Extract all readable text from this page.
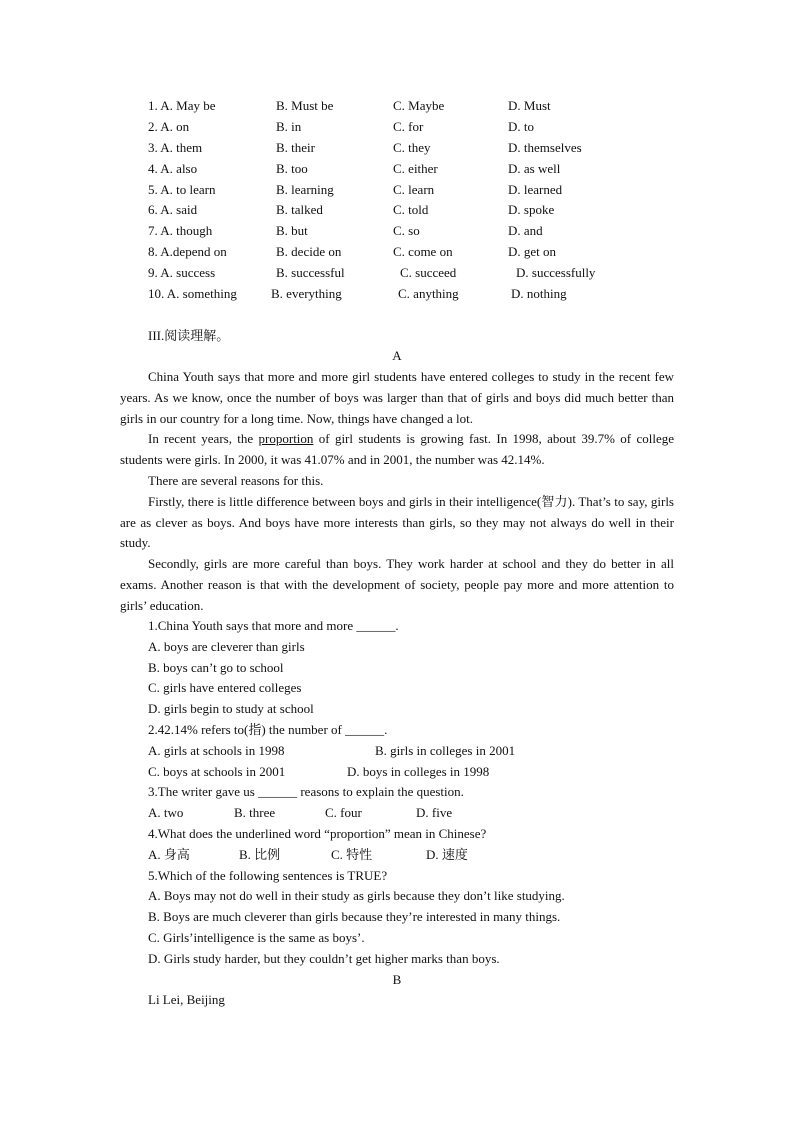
1. A. May be	B. Must be	C. Maybe	D. Must
2. A. on	B. in	C. for	D. to
3. A. them	B. their	C. they	D. themselves
4. A. also	B. too	C. either	D. as well
5. A. to learn	B. learning	C. learn	D. learned
6. A. said	B. talked	C. told	D. spoke
7. A. though	B. but	C. so	D. and
8. A.depend on	B. decide on	C. come on	D. get on
9. A. success	B. successful	C. succeed	D. successfully
10. A. something	B. everything	C. anything	D. nothing
III.阅读理解。
A

China Youth says that more and more girl students have entered colleges to study in the recent few years. As we know, once the number of boys was larger than that of girls and boys did much better than girls in our country for a long time. Now, things have changed a lot.

In recent years, the proportion of girl students is growing fast. In 1998, about 39.7% of college students were girls. In 2000, it was 41.07% and in 2001, the number was 42.14%.

There are several reasons for this.

Firstly, there is little difference between boys and girls in their intelligence(智力). That’s to say, girls are as clever as boys. And boys have more interests than girls, so they may not always do well in their study.

Secondly, girls are more careful than boys. They work harder at school and they do better in all exams. Another reason is that with the development of society, people pay more and more attention to girls’ education.

1.China Youth says that more and more ______.
A. boys are cleverer than girls
B. boys can’t go to school
C. girls have entered colleges
D. girls begin to study at school
2.42.14% refers to(指) the number of ______.
A. girls at schools in 1998	B. girls in colleges in 2001
C. boys at schools in 2001	D. boys in colleges in 1998
3.The writer gave us ______ reasons to explain the question.
A. two	B. three	C. four	D. five
4.What does the underlined word “proportion” mean in Chinese?
A. 身高	B. 比例	C. 特性	D. 速度
5.Which of the following sentences is TRUE?
A. Boys may not do well in their study as girls because they don’t like studying.
B. Boys are much cleverer than girls because they’re interested in many things.
C. Girls’intelligence is the same as boys’.
D. Girls study harder, but they couldn’t get higher marks than boys.
B
Li Lei, Beijing
